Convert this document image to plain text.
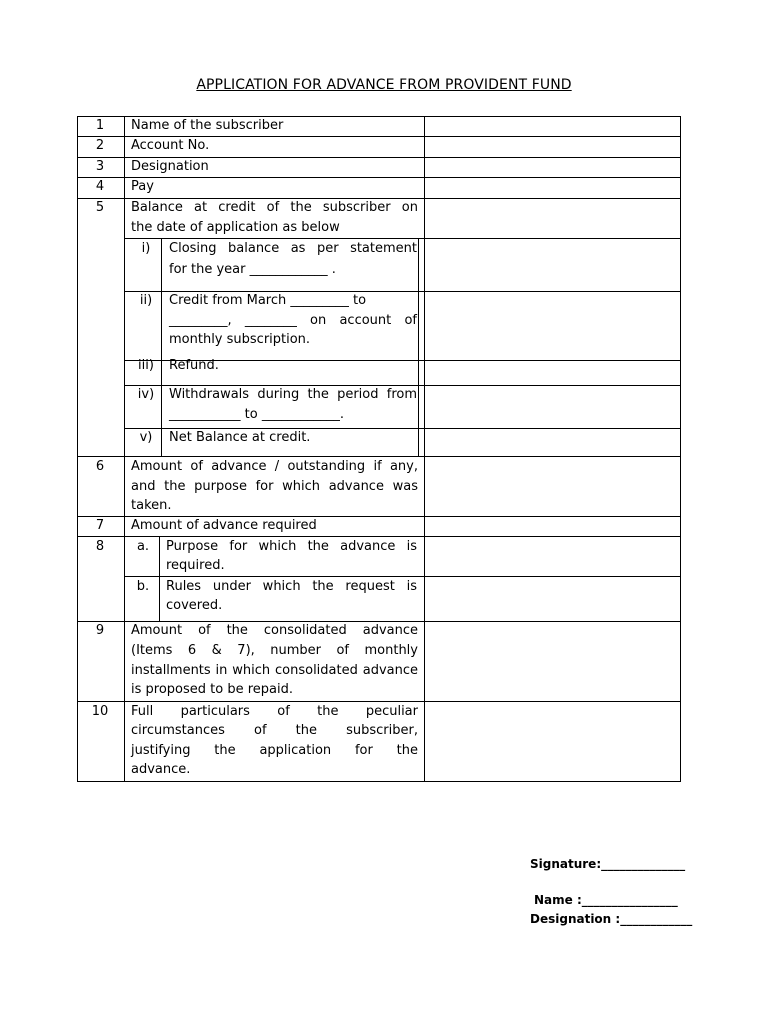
APPLICATION FOR ADVANCE FROM PROVIDENT FUND
1	Name of the subscriber
2	Account No.
3	Designation
4	Pay
5	Balance at credit of the subscriber on
the date of application as below
i)	Closing balance as per statement
for the year ____________ .
ii)	Credit from March _________ to
_________, ________ on account of
monthly subscription.
iii)	Refund.
iv)	Withdrawals during the period from
___________ to ____________.
v)	Net Balance at credit.
6	Amount of advance / outstanding if any,
and the purpose for which advance was
taken.
7	Amount of advance required
8	a.	Purpose for which the advance is
required.
b.	Rules under which the request is
covered.
9	Amount of the consolidated advance
(Items 6 & 7), number of monthly
installments in which consolidated advance
is proposed to be repaid.
10	Full particulars of the peculiar
circumstances of the subscriber,
justifying the application for the
advance.
Signature:______________
Name :________________
Designation :____________
